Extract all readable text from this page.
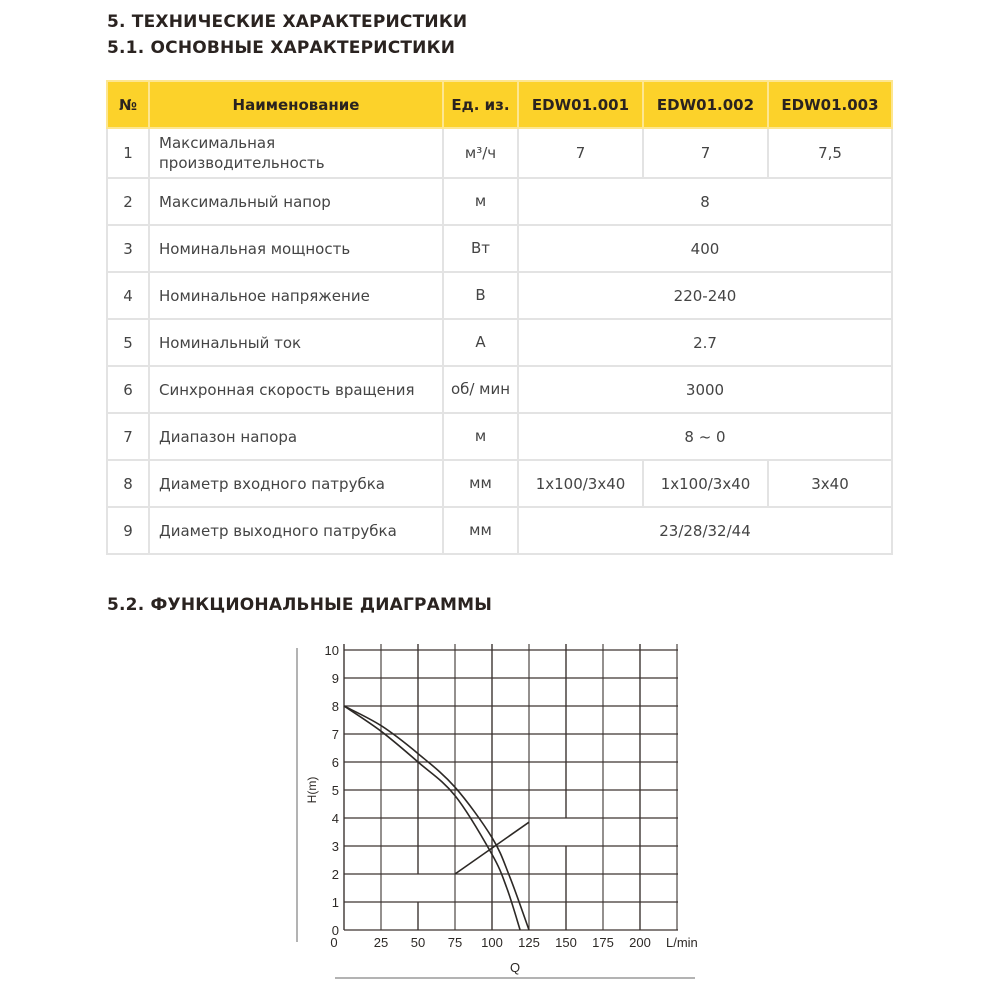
5. ТЕХНИЧЕСКИЕ ХАРАКТЕРИСТИКИ
5.1. ОСНОВНЫЕ ХАРАКТЕРИСТИКИ
№	Наименование	Ед. из.	EDW01.001	EDW01.002	EDW01.003
1	Максимальная производительность	м³/ч	7	7	7,5
2	Максимальный напор	м	8		
3	Номинальная мощность	Вт	400		
4	Номинальное напряжение	В	220-240		
5	Номинальный ток	А	2.7		
6	Синхронная скорость вращения	об/ мин	3000		
7	Диапазон напора	м	8 ~ 0		
8	Диаметр входного патрубка	мм	1x100/3x40	1x100/3x40	3x40
9	Диаметр выходного патрубка	мм	23/28/32/44		
5.2. ФУНКЦИОНАЛЬНЫЕ ДИАГРАММЫ
0
1
2
3
4
5
6
7
8
9
10
0	25 50 75 100 125 150 175 200
H(m)
Q
L/min
